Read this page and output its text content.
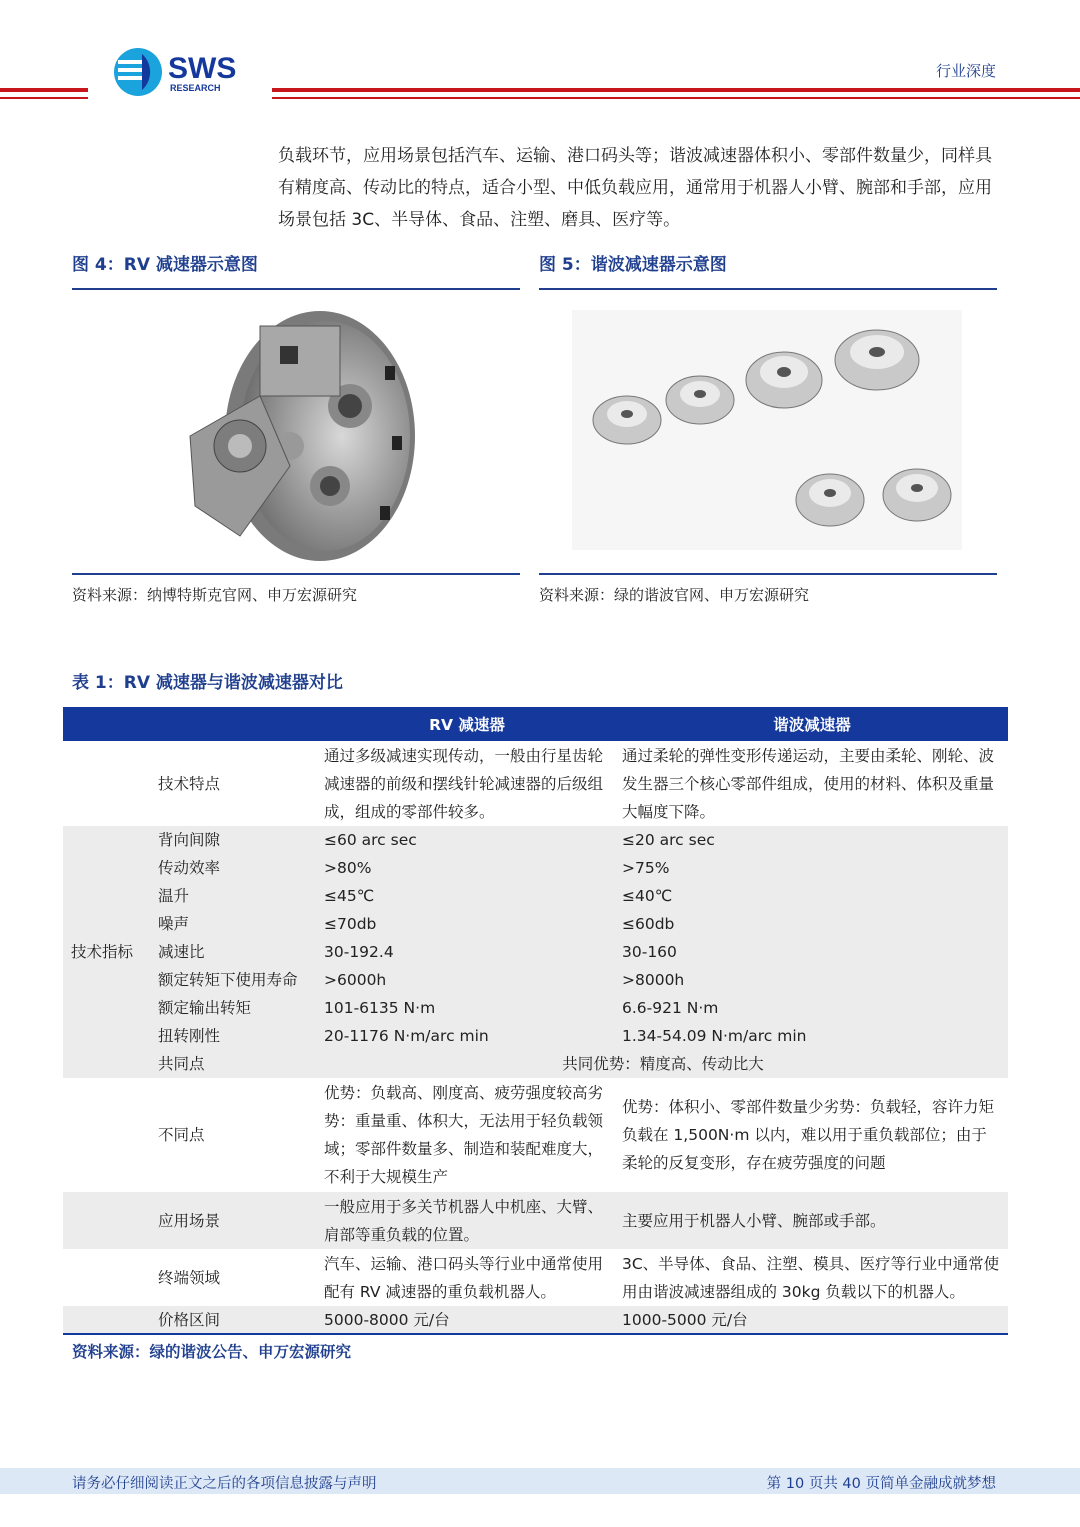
SWS
RESEARCH
行业深度
负载环节，应用场景包括汽车、运输、港口码头等；谐波减速器体积小、零部件数量少，同样具有精度高、传动比的特点，适合小型、中低负载应用，通常用于机器人小臂、腕部和手部，应用场景包括 3C、半导体、食品、注塑、磨具、医疗等。
图 4：RV 减速器示意图
资料来源：纳博特斯克官网、申万宏源研究
图 5：谐波减速器示意图
资料来源：绿的谐波官网、申万宏源研究
表 1：RV 减速器与谐波减速器对比
		RV 减速器	谐波减速器
	技术特点	通过多级减速实现传动，一般由行星齿轮减速器的前级和摆线针轮减速器的后级组成，组成的零部件较多。	通过柔轮的弹性变形传递运动，主要由柔轮、刚轮、波发生器三个核心零部件组成，使用的材料、体积及重量大幅度下降。
技术指标	背向间隙	≤60 arc sec	≤20 arc sec
	传动效率	>80%	>75%
	温升	≤45℃	≤40℃
	噪声	≤70db	≤60db
	减速比	30-192.4	30-160
	额定转矩下使用寿命	>6000h	>8000h
	额定输出转矩	101-6135 N·m	6.6-921 N·m
	扭转刚性	20-1176 N·m/arc min	1.34-54.09 N·m/arc min
	共同点	共同优势：精度高、传动比大	
	不同点	优势：负载高、刚度高、疲劳强度较高劣势：重量重、体积大，无法用于轻负载领域；零部件数量多、制造和装配难度大，不利于大规模生产	优势：体积小、零部件数量少劣势：负载轻，容许力矩负载在 1,500N·m 以内，难以用于重负载部位；由于柔轮的反复变形，存在疲劳强度的问题
	应用场景	一般应用于多关节机器人中机座、大臂、肩部等重负载的位置。	主要应用于机器人小臂、腕部或手部。
	终端领域	汽车、运输、港口码头等行业中通常使用配有 RV 减速器的重负载机器人。	3C、半导体、食品、注塑、模具、医疗等行业中通常使用由谐波减速器组成的 30kg 负载以下的机器人。
	价格区间	5000-8000 元/台	1000-5000 元/台
资料来源：绿的谐波公告、申万宏源研究
请务必仔细阅读正文之后的各项信息披露与声明	第 10 页共 40 页简单金融成就梦想
